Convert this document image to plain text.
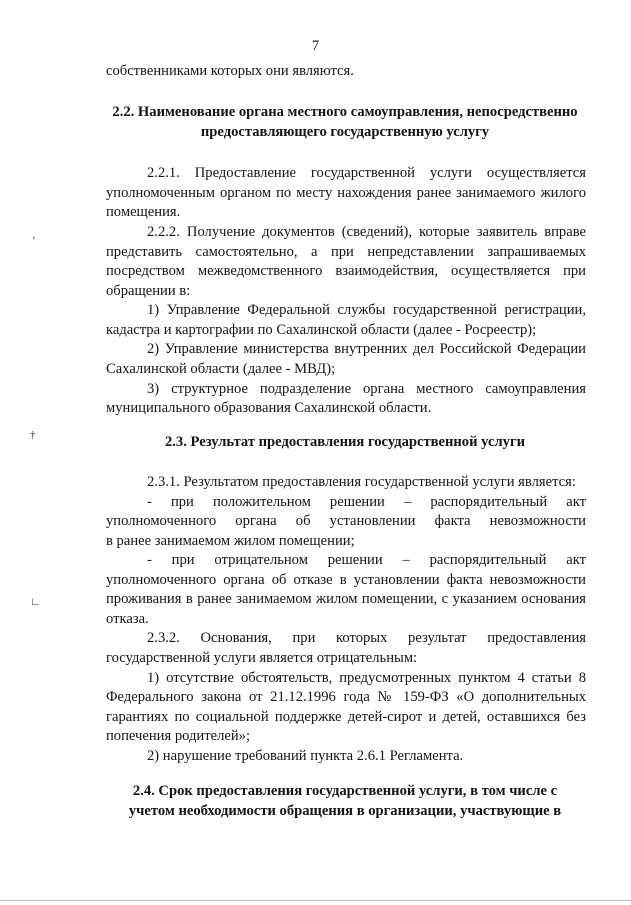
7
собственниками которых они являются.
2.2. Наименование органа местного самоуправления, непосредственно
предоставляющего государственную услугу
2.2.1. Предоставление государственной услуги осуществляется
уполномоченным органом по месту нахождения ранее занимаемого жилого
помещения.
2.2.2. Получение документов (сведений), которые заявитель вправе
представить самостоятельно, а при непредставлении запрашиваемых
посредством межведомственного взаимодействия, осуществляется при
обращении в:
1) Управление Федеральной службы государственной регистрации,
кадастра и картографии по Сахалинской области (далее - Росреестр);
2) Управление министерства внутренних дел Российской Федерации
Сахалинской области (далее - МВД);
3) структурное подразделение органа местного самоуправления
муниципального образования Сахалинской области.
2.3. Результат предоставления государственной услуги
2.3.1. Результатом предоставления государственной услуги является:
- при положительном решении – распорядительный акт
уполномоченного органа об установлении факта невозможности
в ранее занимаемом жилом помещении;
- при отрицательном решении – распорядительный акт
уполномоченного органа об отказе в установлении факта невозможности
проживания в ранее занимаемом жилом помещении, с указанием основания
отказа.
2.3.2. Основания, при которых результат предоставления
государственной услуги является отрицательным:
1) отсутствие обстоятельств, предусмотренных пунктом 4 статьи 8
Федерального закона от 21.12.1996 года № 159-ФЗ «О дополнительных
гарантиях по социальной поддержке детей-сирот и детей, оставшихся без
попечения родителей»;
2) нарушение требований пункта 2.6.1 Регламента.
2.4. Срок предоставления государственной услуги, в том числе с
учетом необходимости обращения в организации, участвующие в
‛
†
∟
